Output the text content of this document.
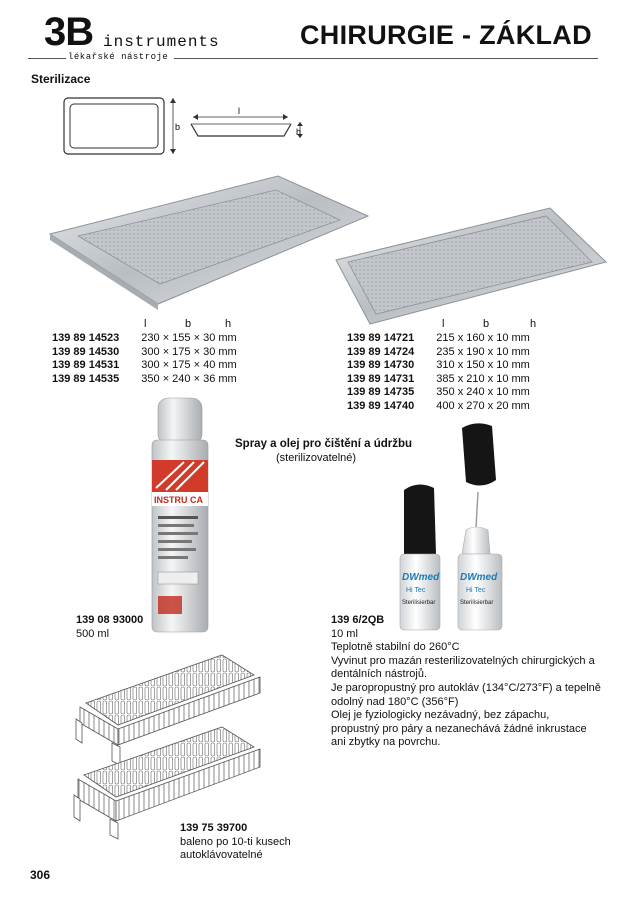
3B instruments
lékařské nástroje
CHIRURGIE - ZÁKLAD
Sterilizace
b
l
h
l	b	h
139 89 14523	230 × 155 × 30 mm
139 89 14530	300 × 175 × 30 mm
139 89 14531	300 × 175 × 40 mm
139 89 14535	350 × 240 × 36 mm
l	b	h
139 89 14721	215 x 160 x 10 mm
139 89 14724	235 x 190 x 10 mm
139 89 14730	310 x 150 x 10 mm
139 89 14731	385 x 210 x 10 mm
139 89 14735	350 x 240 x 10 mm
139 89 14740	400 x 270 x 20 mm
INSTRU CA
Spray a olej pro čištění a údržbu
(sterilizovatelné)
DWmed
Hi Tec
Sterilisierbar
DWmed
Hi Tec
Sterilisierbar
139 08 93000
500 ml
139 6/2QB
10 ml
Teplotně stabilní do 260°C
Vyvinut pro mazán resterilizovatelných chirurgických a
dentálních nástrojů.
Je paropropustný pro autokláv (134°C/273°F) a tepelně
odolný nad 180°C (356°F)
Olej je fyziologicky nezávadný, bez zápachu,
propustný pro páry a nezanechává žádné inkrustace
ani zbytky na povrchu.
139 75 39700
baleno po 10-ti kusech
autoklávovatelné
306
